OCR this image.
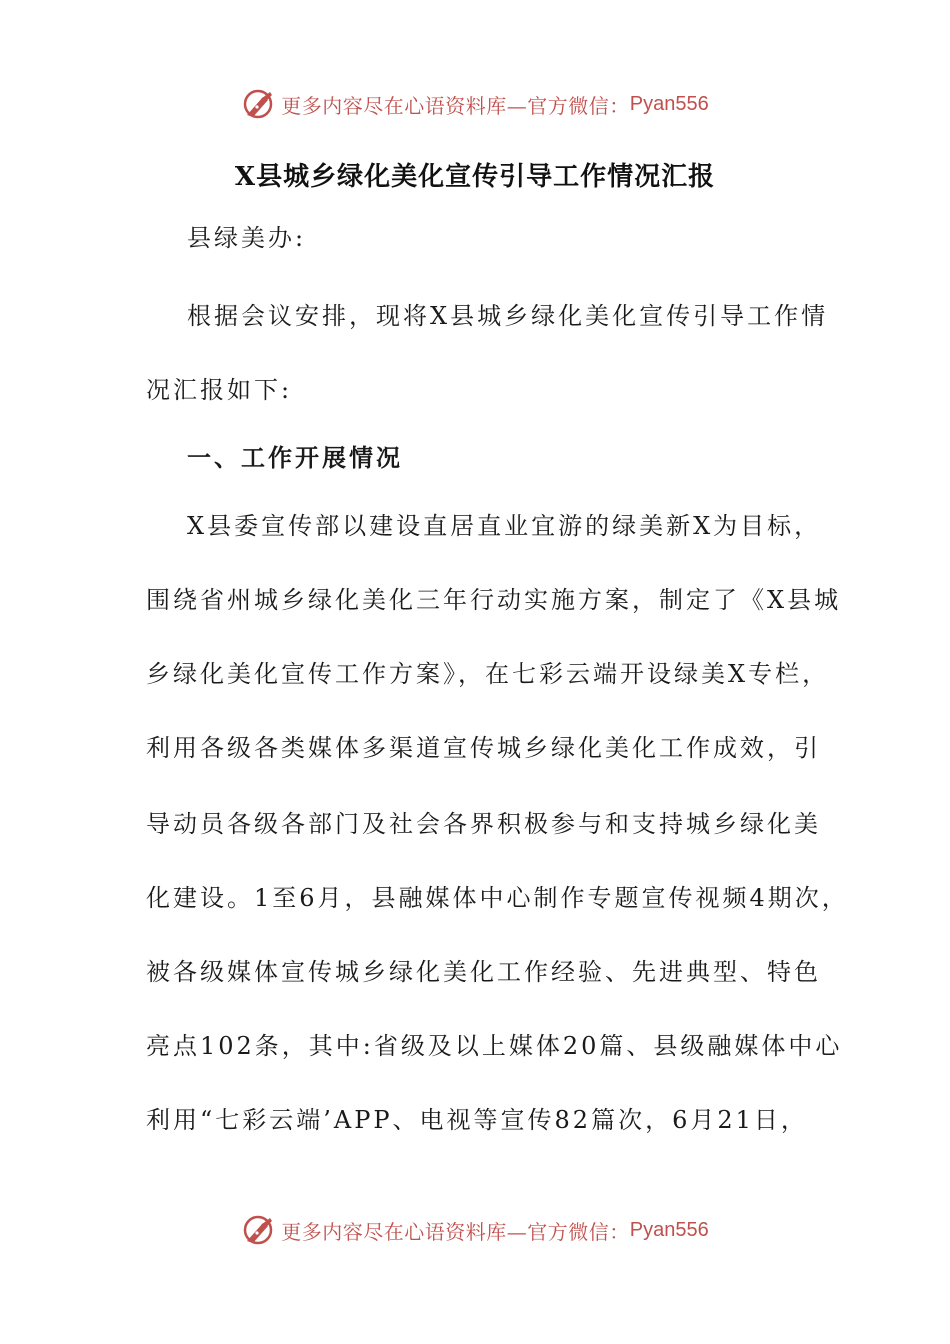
更多内容尽在心语资料库—官方微信： Pyan556
X县城乡绿化美化宣传引导工作情况汇报
县绿美办:
根据会议安排，现将X县城乡绿化美化宣传引导工作情
况汇报如下:
一、工作开展情况
X县委宣传部以建设直居直业宜游的绿美新X为目标，
围绕省州城乡绿化美化三年行动实施方案，制定了《X县城
乡绿化美化宣传工作方案》，在七彩云端开设绿美X专栏，
利用各级各类媒体多渠道宣传城乡绿化美化工作成效，引
导动员各级各部门及社会各界积极参与和支持城乡绿化美
化建设。1至6月，县融媒体中心制作专题宣传视频4期次，
被各级媒体宣传城乡绿化美化工作经验、先进典型、特色
亮点102条，其中:省级及以上媒体20篇、县级融媒体中心
利用“七彩云端’APP、电视等宣传82篇次，6月21日，
更多内容尽在心语资料库—官方微信： Pyan556
